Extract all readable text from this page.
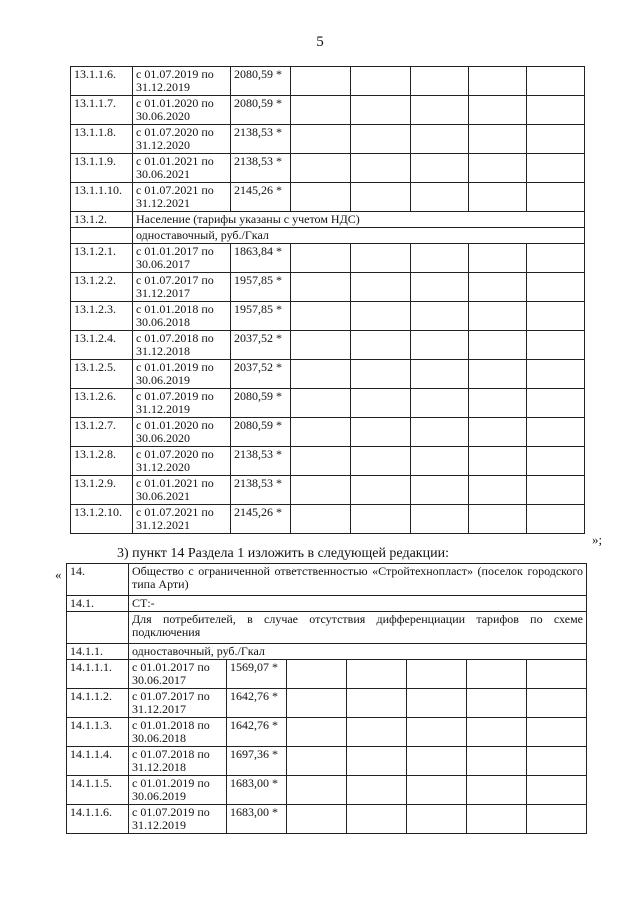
5
13.1.1.6.	с 01.07.2019 по 31.12.2019	2080,59 *					
13.1.1.7.	с 01.01.2020 по 30.06.2020	2080,59 *					
13.1.1.8.	с 01.07.2020 по 31.12.2020	2138,53 *					
13.1.1.9.	с 01.01.2021 по 30.06.2021	2138,53 *					
13.1.1.10.	с 01.07.2021 по 31.12.2021	2145,26 *					
13.1.2.	Население (тарифы указаны с учетом НДС)						
	одноставочный, руб./Гкал						
13.1.2.1.	с 01.01.2017 по 30.06.2017	1863,84 *					
13.1.2.2.	с 01.07.2017 по 31.12.2017	1957,85 *					
13.1.2.3.	с 01.01.2018 по 30.06.2018	1957,85 *					
13.1.2.4.	с 01.07.2018 по 31.12.2018	2037,52 *					
13.1.2.5.	с 01.01.2019 по 30.06.2019	2037,52 *					
13.1.2.6.	с 01.07.2019 по 31.12.2019	2080,59 *					
13.1.2.7.	с 01.01.2020 по 30.06.2020	2080,59 *					
13.1.2.8.	с 01.07.2020 по 31.12.2020	2138,53 *					
13.1.2.9.	с 01.01.2021 по 30.06.2021	2138,53 *					
13.1.2.10.	с 01.07.2021 по 31.12.2021	2145,26 *					
»;
3) пункт 14 Раздела 1 изложить в следующей редакции:
« 14.	Общество с ограниченной ответственностью «Стройтехнопласт» (поселок городского типа Арти)						
14.1.	СТ:-						
	Для потребителей, в случае отсутствия дифференциации тарифов по схеме подключения						
14.1.1.	одноставочный, руб./Гкал						
14.1.1.1.	с 01.01.2017 по 30.06.2017	1569,07 *					
14.1.1.2.	с 01.07.2017 по 31.12.2017	1642,76 *					
14.1.1.3.	с 01.01.2018 по 30.06.2018	1642,76 *					
14.1.1.4.	с 01.07.2018 по 31.12.2018	1697,36 *					
14.1.1.5.	с 01.01.2019 по 30.06.2019	1683,00 *					
14.1.1.6.	с 01.07.2019 по 31.12.2019	1683,00 *					
